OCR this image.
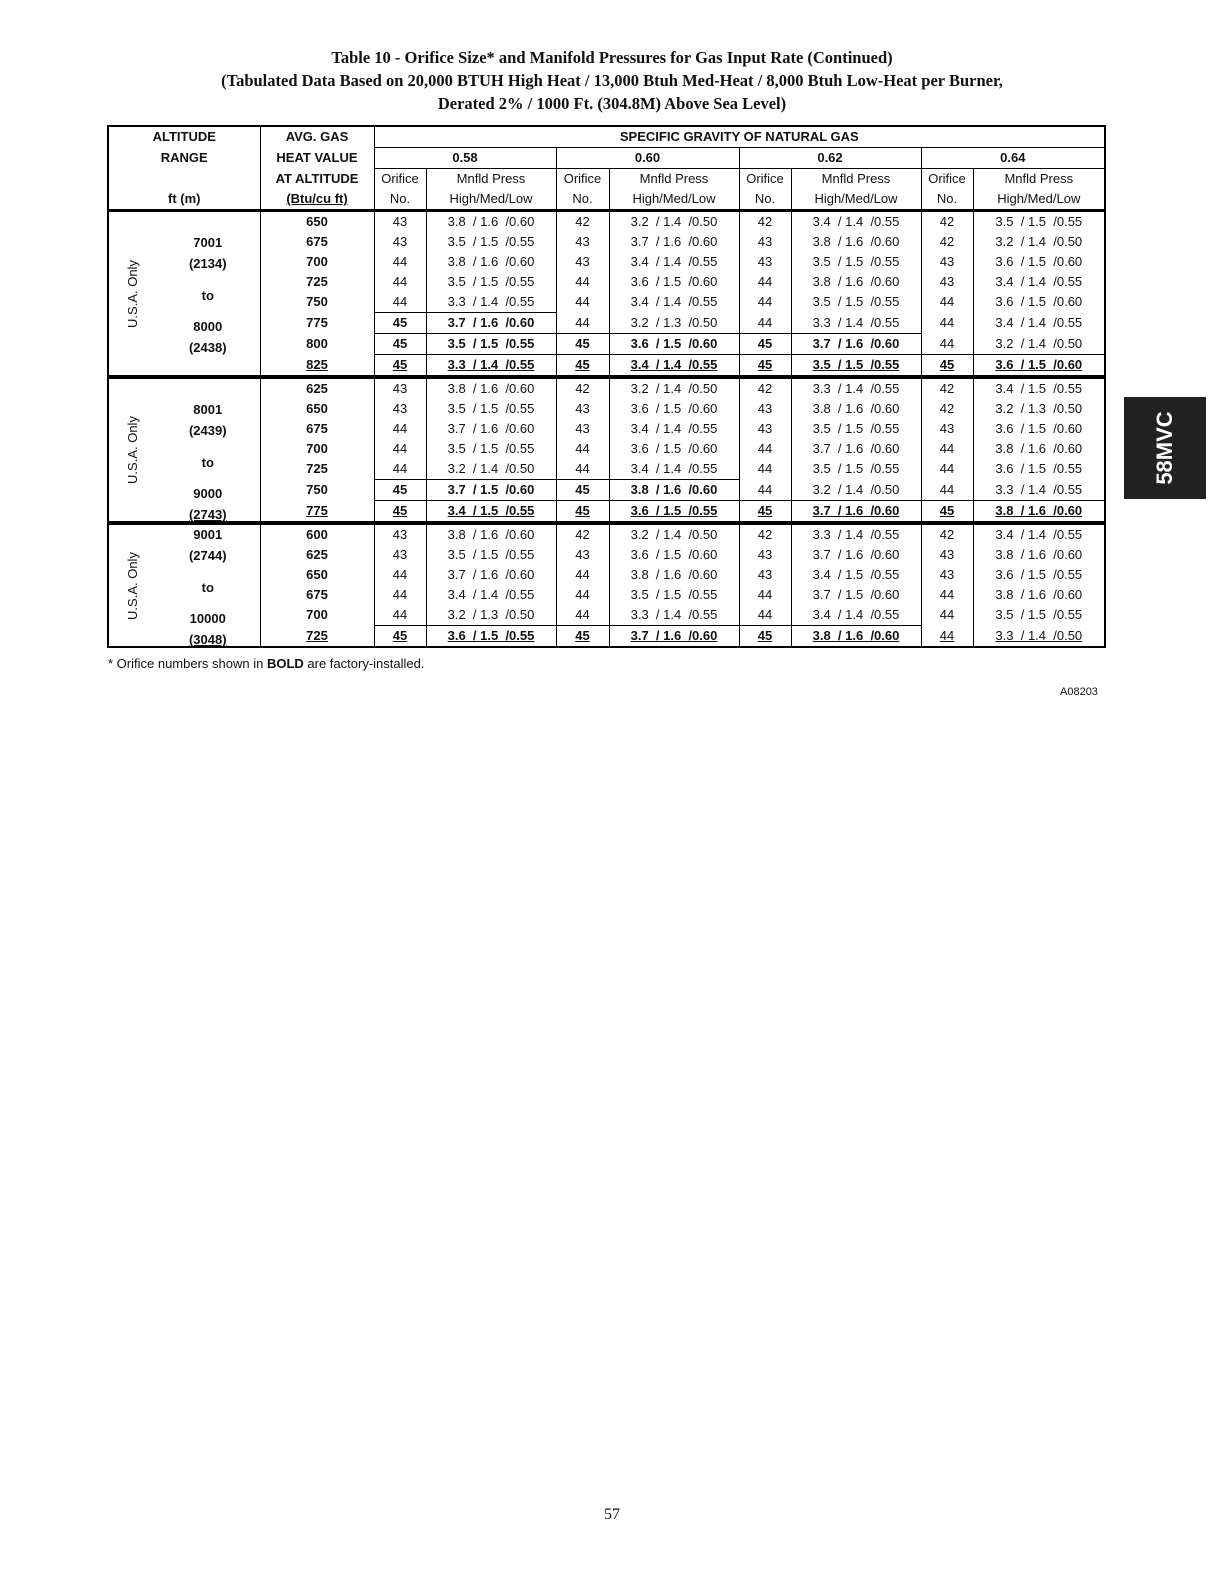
Table 10 - Orifice Size* and Manifold Pressures for Gas Input Rate (Continued)
(Tabulated Data Based on 20,000 BTUH High Heat / 13,000 Btuh Med-Heat / 8,000 Btuh Low-Heat per Burner,
Derated 2% / 1000 Ft. (304.8M) Above Sea Level)
ALTITUDE		AVG. GAS	SPECIFIC GRAVITY OF NATURAL GAS							
RANGE		HEAT VALUE	0.58		0.60		0.62		0.64	
		AT ALTITUDE	Orifice	Mnfld Press	Orifice	Mnfld Press	Orifice	Mnfld Press	Orifice	Mnfld Press
ft (m)		(Btu/cu ft)	No.	High/Med/Low	No.	High/Med/Low	No.	High/Med/Low	No.	High/Med/Low

U.S.A. Only	7001
(2134)
to
8000
(2438)	650	43	3.8  / 1.6  /0.60	42	3.2  / 1.4  /0.50	42	3.4  / 1.4  /0.55	42	3.5  / 1.5  /0.55
		675	43	3.5  / 1.5  /0.55	43	3.7  / 1.6  /0.60	43	3.8  / 1.6  /0.60	42	3.2  / 1.4  /0.50
		700	44	3.8  / 1.6  /0.60	43	3.4  / 1.4  /0.55	43	3.5  / 1.5  /0.55	43	3.6  / 1.5  /0.60
		725	44	3.5  / 1.5  /0.55	44	3.6  / 1.5  /0.60	44	3.8  / 1.6  /0.60	43	3.4  / 1.4  /0.55
		750	44	3.3  / 1.4  /0.55	44	3.4  / 1.4  /0.55	44	3.5  / 1.5  /0.55	44	3.6  / 1.5  /0.60
		775	45	3.7  / 1.6  /0.60	44	3.2  / 1.3  /0.50	44	3.3  / 1.4  /0.55	44	3.4  / 1.4  /0.55
		800	45	3.5  / 1.5  /0.55	45	3.6  / 1.5  /0.60	45	3.7  / 1.6  /0.60	44	3.2  / 1.4  /0.50
		825	45	3.3  / 1.4  /0.55	45	3.4  / 1.4  /0.55	45	3.5  / 1.5  /0.55	45	3.6  / 1.5  /0.60

U.S.A. Only	8001
(2439)
to
9000
(2743)	625	43	3.8  / 1.6  /0.60	42	3.2  / 1.4  /0.50	42	3.3  / 1.4  /0.55	42	3.4  / 1.5  /0.55
		650	43	3.5  / 1.5  /0.55	43	3.6  / 1.5  /0.60	43	3.8  / 1.6  /0.60	42	3.2  / 1.3  /0.50
		675	44	3.7  / 1.6  /0.60	43	3.4  / 1.4  /0.55	43	3.5  / 1.5  /0.55	43	3.6  / 1.5  /0.60
		700	44	3.5  / 1.5  /0.55	44	3.6  / 1.5  /0.60	44	3.7  / 1.6  /0.60	44	3.8  / 1.6  /0.60
		725	44	3.2  / 1.4  /0.50	44	3.4  / 1.4  /0.55	44	3.5  / 1.5  /0.55	44	3.6  / 1.5  /0.55
		750	45	3.7  / 1.5  /0.60	45	3.8  / 1.6  /0.60	44	3.2  / 1.4  /0.50	44	3.3  / 1.4  /0.55
		775	45	3.4  / 1.5  /0.55	45	3.6  / 1.5  /0.55	45	3.7  / 1.6  /0.60	45	3.8  / 1.6  /0.60

U.S.A. Only	9001
(2744)
to
10000
(3048)	600	43	3.8  / 1.6  /0.60	42	3.2  / 1.4  /0.50	42	3.3  / 1.4  /0.55	42	3.4  / 1.4  /0.55
		625	43	3.5  / 1.5  /0.55	43	3.6  / 1.5  /0.60	43	3.7  / 1.6  /0.60	43	3.8  / 1.6  /0.60
		650	44	3.7  / 1.6  /0.60	44	3.8  / 1.6  /0.60	43	3.4  / 1.5  /0.55	43	3.6  / 1.5  /0.55
		675	44	3.4  / 1.4  /0.55	44	3.5  / 1.5  /0.55	44	3.7  / 1.5  /0.60	44	3.8  / 1.6  /0.60
		700	44	3.2  / 1.3  /0.50	44	3.3  / 1.4  /0.55	44	3.4  / 1.4  /0.55	44	3.5  / 1.5  /0.55
		725	45	3.6  / 1.5  /0.55	45	3.7  / 1.6  /0.60	45	3.8  / 1.6  /0.60	44	3.3  / 1.4  /0.50
* Orifice numbers shown in BOLD are factory-installed.
A08203
58MVC
57
